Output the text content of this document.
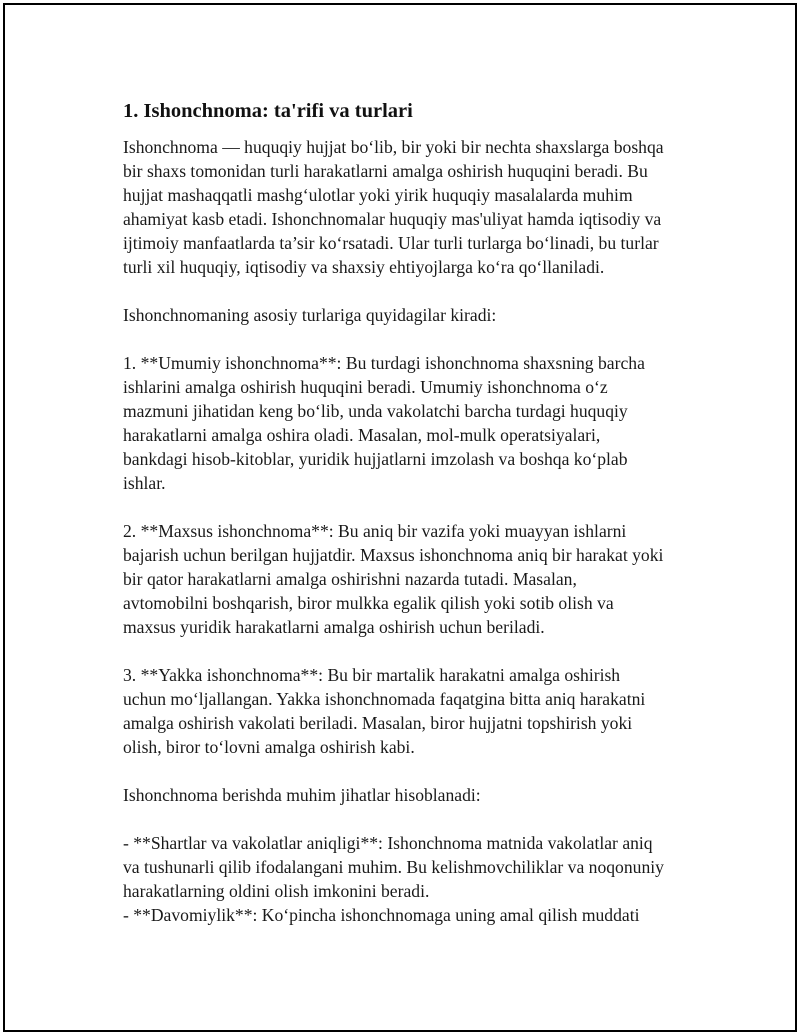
1. Ishonchnoma: ta'rifi va turlari
Ishonchnoma — huquqiy hujjat bo‘lib, bir yoki bir nechta shaxslarga boshqa
bir shaxs tomonidan turli harakatlarni amalga oshirish huquqini beradi. Bu
hujjat mashaqqatli mashg‘ulotlar yoki yirik huquqiy masalalarda muhim
ahamiyat kasb etadi. Ishonchnomalar huquqiy mas'uliyat hamda iqtisodiy va
ijtimoiy manfaatlarda ta’sir ko‘rsatadi. Ular turli turlarga bo‘linadi, bu turlar
turli xil huquqiy, iqtisodiy va shaxsiy ehtiyojlarga ko‘ra qo‘llaniladi.
Ishonchnomaning asosiy turlariga quyidagilar kiradi:
1. **Umumiy ishonchnoma**: Bu turdagi ishonchnoma shaxsning barcha
ishlarini amalga oshirish huquqini beradi. Umumiy ishonchnoma o‘z
mazmuni jihatidan keng bo‘lib, unda vakolatchi barcha turdagi huquqiy
harakatlarni amalga oshira oladi. Masalan, mol-mulk operatsiyalari,
bankdagi hisob-kitoblar, yuridik hujjatlarni imzolash va boshqa ko‘plab
ishlar.
2. **Maxsus ishonchnoma**: Bu aniq bir vazifa yoki muayyan ishlarni
bajarish uchun berilgan hujjatdir. Maxsus ishonchnoma aniq bir harakat yoki
bir qator harakatlarni amalga oshirishni nazarda tutadi. Masalan,
avtomobilni boshqarish, biror mulkka egalik qilish yoki sotib olish va
maxsus yuridik harakatlarni amalga oshirish uchun beriladi.
3. **Yakka ishonchnoma**: Bu bir martalik harakatni amalga oshirish
uchun mo‘ljallangan. Yakka ishonchnomada faqatgina bitta aniq harakatni
amalga oshirish vakolati beriladi. Masalan, biror hujjatni topshirish yoki
olish, biror to‘lovni amalga oshirish kabi.
Ishonchnoma berishda muhim jihatlar hisoblanadi:
- **Shartlar va vakolatlar aniqligi**: Ishonchnoma matnida vakolatlar aniq
va tushunarli qilib ifodalangani muhim. Bu kelishmovchiliklar va noqonuniy
harakatlarning oldini olish imkonini beradi.
- **Davomiylik**: Ko‘pincha ishonchnomaga uning amal qilish muddati
